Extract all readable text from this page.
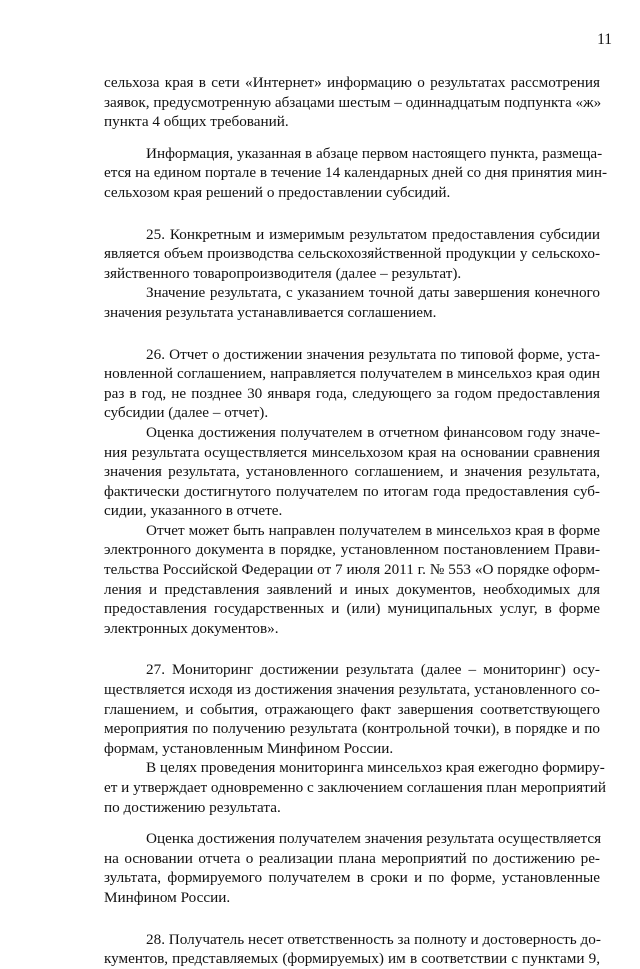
11
сельхоза края в сети «Интернет» информацию о результатах рассмотрения
заявок, предусмотренную абзацами шестым – одиннадцатым подпункта «ж»
пункта 4 общих требований.
Информация, указанная в абзаце первом настоящего пункта, размеща-
ется на едином портале в течение 14 календарных дней со дня принятия мин-
сельхозом края решений о предоставлении субсидий.
25. Конкретным и измеримым результатом предоставления субсидии
является объем производства сельскохозяйственной продукции у сельскохо-
зяйственного товаропроизводителя (далее – результат).
Значение результата, с указанием точной даты завершения конечного
значения результата устанавливается соглашением.
26. Отчет о достижении значения результата по типовой форме, уста-
новленной соглашением, направляется получателем в минсельхоз края один
раз в год, не позднее 30 января года, следующего за годом предоставления
субсидии (далее – отчет).
Оценка достижения получателем в отчетном финансовом году значе-
ния результата осуществляется минсельхозом края на основании сравнения
значения результата, установленного соглашением, и значения результата,
фактически достигнутого получателем по итогам года предоставления суб-
сидии, указанного в отчете.
Отчет может быть направлен получателем в минсельхоз края в форме
электронного документа в порядке, установленном постановлением Прави-
тельства Российской Федерации от 7 июля 2011 г. № 553 «О порядке оформ-
ления и представления заявлений и иных документов, необходимых для
предоставления государственных и (или) муниципальных услуг, в форме
электронных документов».
27. Мониторинг достижении результата (далее – мониторинг) осу-
ществляется исходя из достижения значения результата, установленного со-
глашением, и события, отражающего факт завершения соответствующего
мероприятия по получению результата (контрольной точки), в порядке и по
формам, установленным Минфином России.
В целях проведения мониторинга минсельхоз края ежегодно формиру-
ет и утверждает одновременно с заключением соглашения план мероприятий
по достижению результата.
Оценка достижения получателем значения результата осуществляется
на основании отчета о реализации плана мероприятий по достижению ре-
зультата, формируемого получателем в сроки и по форме, установленные
Минфином России.
28. Получатель несет ответственность за полноту и достоверность до-
кументов, представляемых (формируемых) им в соответствии с пунктами 9,
